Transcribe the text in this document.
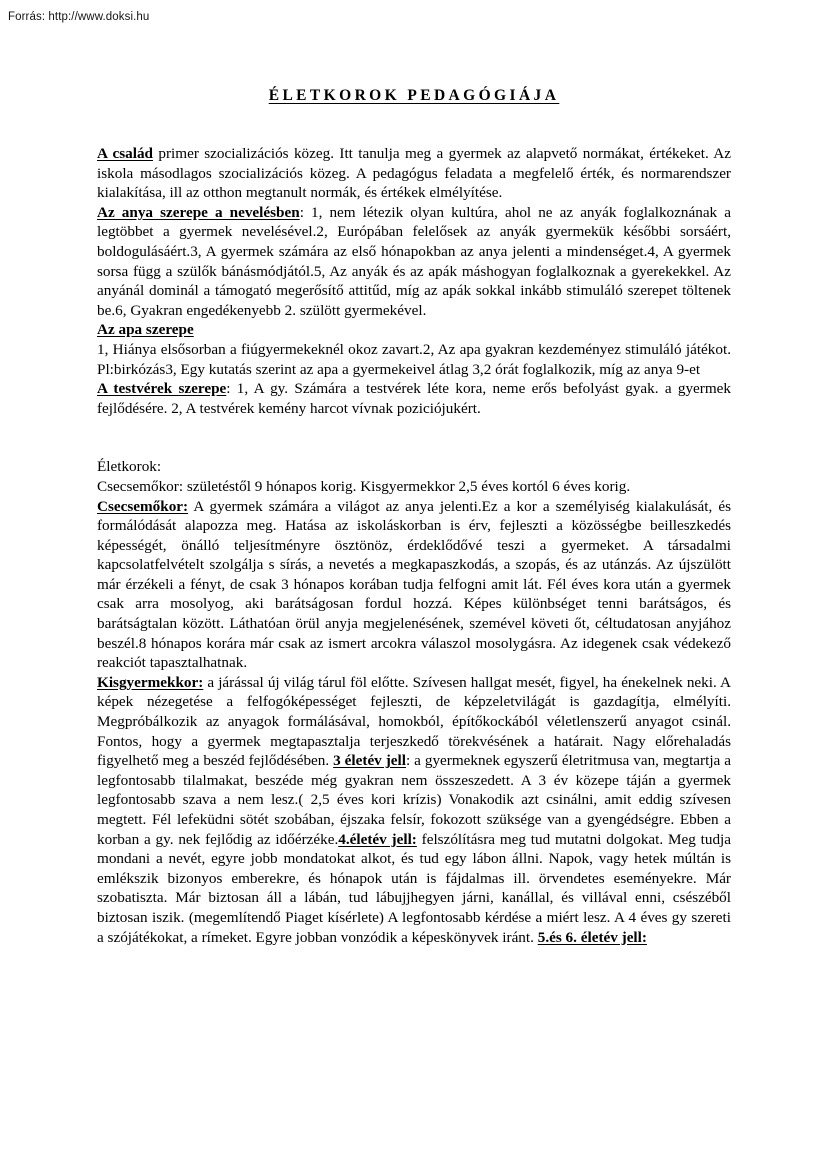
Forrás: http://www.doksi.hu
ÉLETKOROK PEDAGÓGIÁJA

A család primer szocializációs közeg. Itt tanulja meg a gyermek az alapvető normákat, értékeket. Az iskola másodlagos szocializációs közeg. A pedagógus feladata a megfelelő érték, és normarendszer kialakítása, ill az otthon megtanult normák, és értékek elmélyítése.

Az anya szerepe a nevelésben: 1, nem létezik olyan kultúra, ahol ne az anyák foglalkoznának a legtöbbet a gyermek nevelésével.2, Európában felelősek az anyák gyermekük későbbi sorsáért, boldogulásáért.3, A gyermek számára az első hónapokban az anya jelenti a mindenséget.4, A gyermek sorsa függ a szülők bánásmódjától.5, Az anyák és az apák máshogyan foglalkoznak a gyerekekkel. Az anyánál dominál a támogató megerősítő attitűd, míg az apák sokkal inkább stimuláló szerepet töltenek be.6, Gyakran engedékenyebb 2. szülött gyermekével.

Az apa szerepe

1, Hiánya elsősorban a fiúgyermekeknél okoz zavart.2, Az apa gyakran kezdeményez stimuláló játékot. Pl:birkózás3, Egy kutatás szerint az apa a gyermekeivel átlag 3,2 órát foglalkozik, míg az anya 9-et

A testvérek szerepe: 1, A gy. Számára a testvérek léte kora, neme erős befolyást gyak. a gyermek fejlődésére. 2, A testvérek kemény harcot vívnak poziciójukért.

Életkorok:

Csecsemőkor: születéstől 9 hónapos korig. Kisgyermekkor 2,5 éves kortól 6 éves korig.

Csecsemőkor: A gyermek számára a világot az anya jelenti.Ez a kor a személyiség kialakulását, és formálódását alapozza meg. Hatása az iskoláskorban is érv, fejleszti a közösségbe beilleszkedés képességét, önálló teljesítményre ösztönöz, érdeklődővé teszi a gyermeket. A társadalmi kapcsolatfelvételt szolgálja s sírás, a nevetés a megkapaszkodás, a szopás, és az utánzás. Az újszülött már érzékeli a fényt, de csak 3 hónapos korában tudja felfogni amit lát. Fél éves kora után a gyermek csak arra mosolyog, aki barátságosan fordul hozzá. Képes különbséget tenni barátságos, és barátságtalan között. Láthatóan örül anyja megjelenésének, szemével követi őt, céltudatosan anyjához beszél.8 hónapos korára már csak az ismert arcokra válaszol mosolygásra. Az idegenek csak védekező reakciót tapasztalhatnak.

Kisgyermekkor: a járással új világ tárul föl előtte. Szívesen hallgat mesét, figyel, ha énekelnek neki. A képek nézegetése a felfogóképességet fejleszti, de képzeletvilágát is gazdagítja, elmélyíti. Megpróbálkozik az anyagok formálásával, homokból, építőkockából véletlenszerű anyagot csinál. Fontos, hogy a gyermek megtapasztalja terjeszkedő törekvésének a határait. Nagy előrehaladás figyelhető meg a beszéd fejlődésében. 3 életév jell: a gyermeknek egyszerű életritmusa van, megtartja a legfontosabb tilalmakat, beszéde még gyakran nem összeszedett. A 3 év közepe táján a gyermek legfontosabb szava a nem lesz.( 2,5 éves kori krízis) Vonakodik azt csinálni, amit eddig szívesen megtett. Fél lefeküdni sötét szobában, éjszaka felsír, fokozott szüksége van a gyengédségre. Ebben a korban a gy. nek fejlődig az időérzéke.4.életév jell: felszólításra meg tud mutatni dolgokat. Meg tudja mondani a nevét, egyre jobb mondatokat alkot, és tud egy lábon állni. Napok, vagy hetek múltán is emlékszik bizonyos emberekre, és hónapok után is fájdalmas ill. örvendetes eseményekre. Már szobatiszta. Már biztosan áll a lábán, tud lábujjhegyen járni, kanállal, és villával enni, csészéből biztosan iszik. (megemlítendő Piaget kísérlete) A legfontosabb kérdése a miért lesz. A 4 éves gy szereti a szójátékokat, a rímeket. Egyre jobban vonzódik a képeskönyvek iránt. 5.és 6. életév jell:
